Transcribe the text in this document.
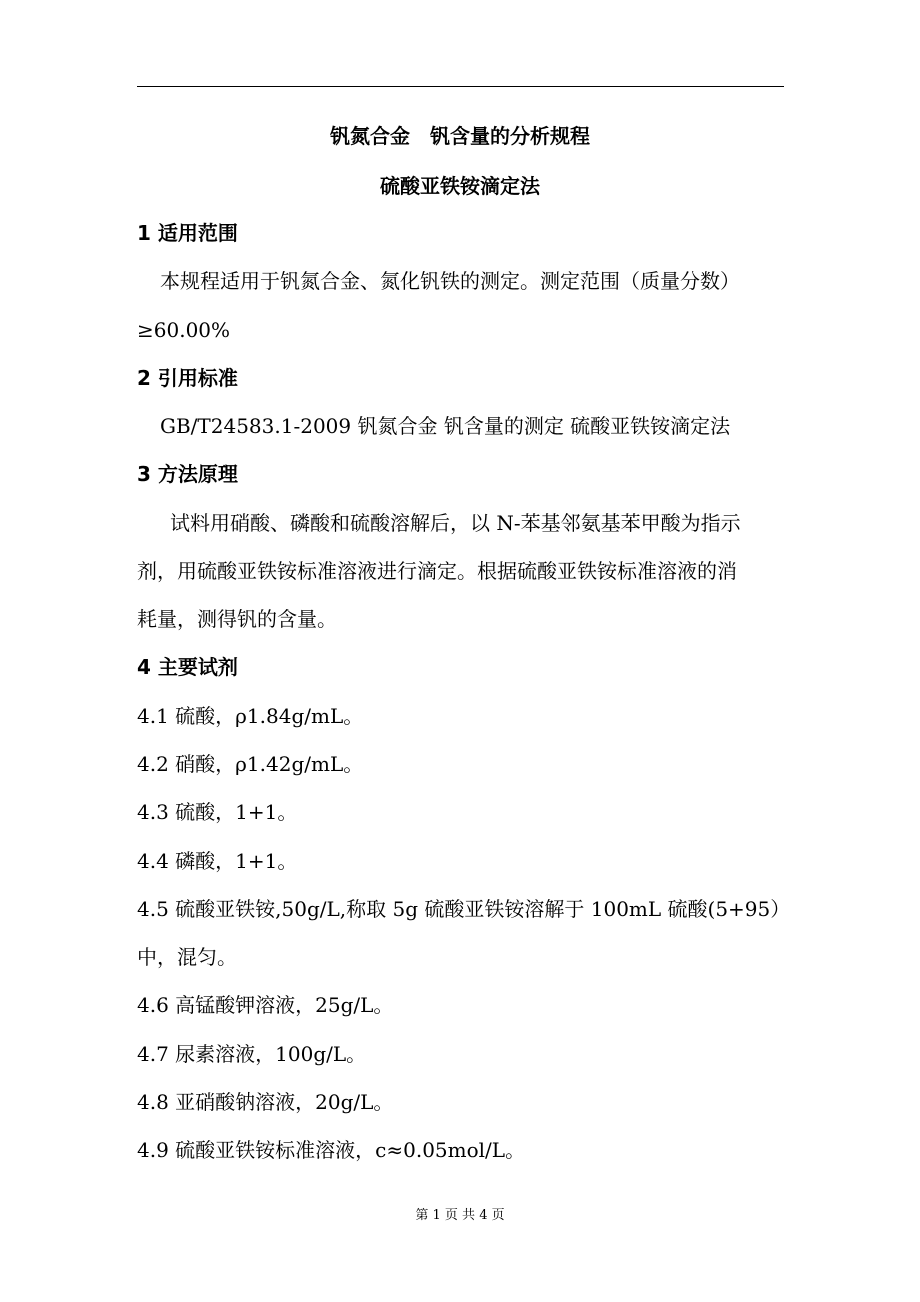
钒氮合金　钒含量的分析规程
硫酸亚铁铵滴定法
1 适用范围
本规程适用于钒氮合金、氮化钒铁的测定。测定范围（质量分数）
≥60.00%
2 引用标准
GB/T24583.1-2009 钒氮合金 钒含量的测定 硫酸亚铁铵滴定法
3 方法原理
试料用硝酸、磷酸和硫酸溶解后，以 N-苯基邻氨基苯甲酸为指示
剂，用硫酸亚铁铵标准溶液进行滴定。根据硫酸亚铁铵标准溶液的消
耗量，测得钒的含量。
4 主要试剂
4.1 硫酸，ρ1.84g/mL。
4.2 硝酸，ρ1.42g/mL。
4.3 硫酸，1+1。
4.4 磷酸，1+1。
4.5 硫酸亚铁铵,50g/L,称取 5g 硫酸亚铁铵溶解于 100mL 硫酸(5+95）
中，混匀。
4.6 高锰酸钾溶液，25g/L。
4.7 尿素溶液，100g/L。
4.8 亚硝酸钠溶液，20g/L。
4.9 硫酸亚铁铵标准溶液，c≈0.05mol/L。
第 1 页 共 4 页
